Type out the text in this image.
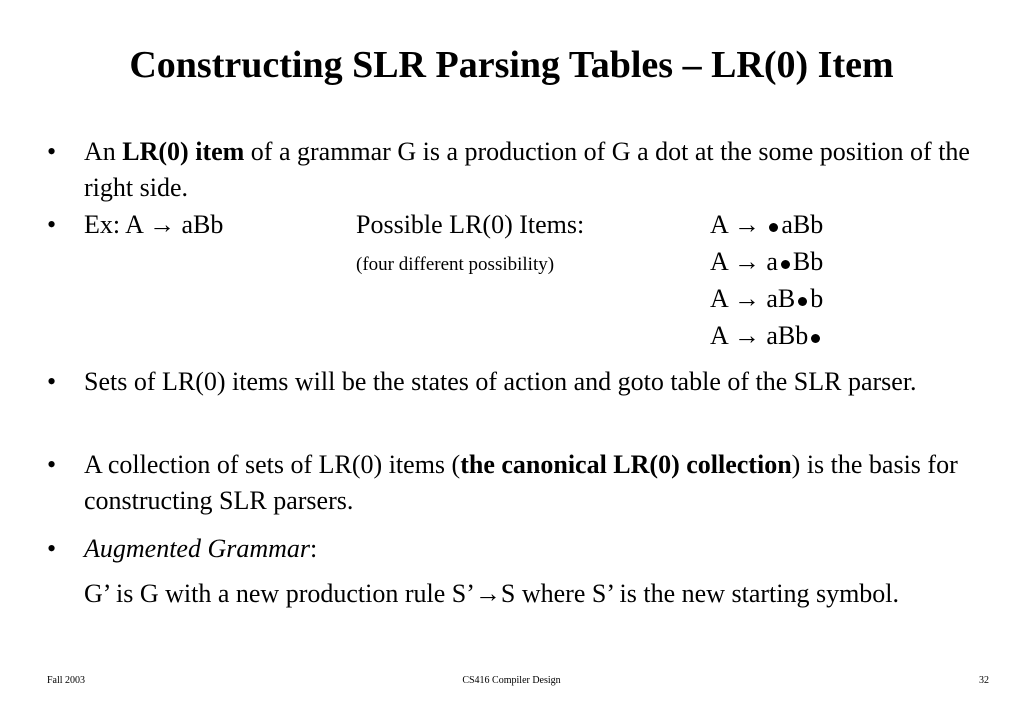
Constructing SLR Parsing Tables – LR(0) Item
• An LR(0) item of a grammar G is a production of G a dot at the some position of the right side.
• Ex: A → aBb	Possible LR(0) Items:
(four different possibility)
A → aBb
A → a Bb
A → aB b
A → aBb
• Sets of LR(0) items will be the states of action and goto table of the SLR parser.
• A collection of sets of LR(0) items (the canonical LR(0) collection) is the basis for constructing SLR parsers.
• Augmented Grammar:
G’ is G with a new production rule S’→S where S’ is the new starting symbol.
Fall 2003	CS416 Compiler Design	32
